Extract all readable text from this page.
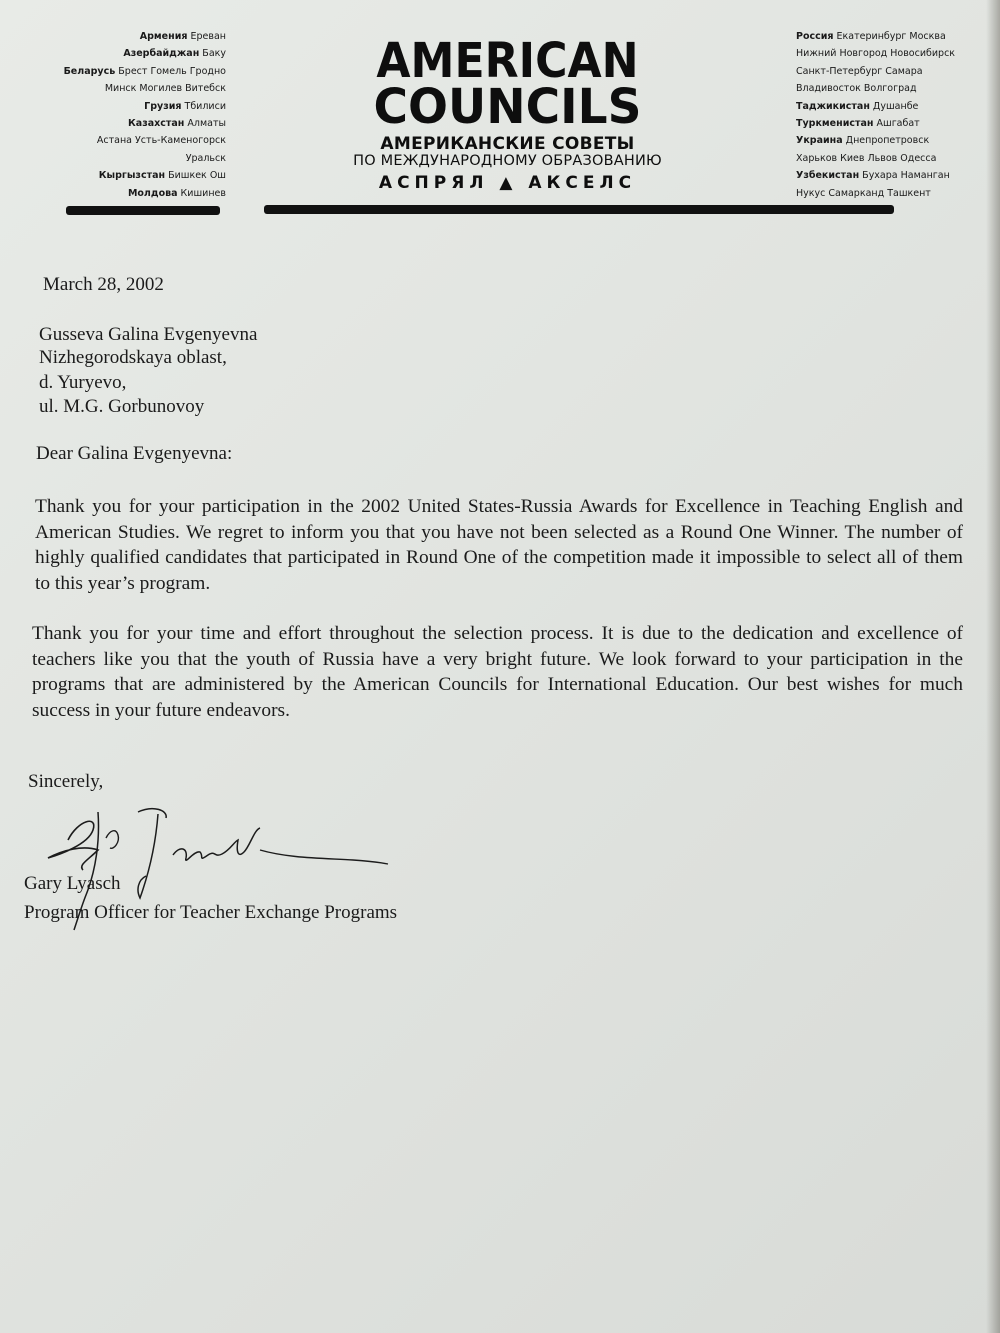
Армения Ереван
Азербайджан Баку
Беларусь Брест Гомель Гродно
Минск Могилев Витебск
Грузия Тбилиси
Казахстан Алматы
Астана Усть-Каменогорск
Уральск
Кыргызстан Бишкек Ош
Молдова Кишинев
AMERICAN
COUNCILS
АМЕРИКАНСКИЕ СОВЕТЫ
ПО МЕЖДУНАРОДНОМУ ОБРАЗОВАНИЮ
АСПРЯЛ ▲ АКСЕЛС
Россия Екатеринбург Москва
Нижний Новгород Новосибирск
Санкт-Петербург Самара
Владивосток Волгоград
Таджикистан Душанбе
Туркменистан Ашгабат
Украина Днепропетровск
Харьков Киев Львов Одесса
Узбекистан Бухара Наманган
Нукус Самарканд Ташкент
March 28, 2002
Gusseva Galina Evgenyevna
Nizhegorodskaya oblast,
d. Yuryevo,
ul. M.G. Gorbunovoy
Dear Galina Evgenyevna:
Thank you for your participation in the 2002 United States-Russia Awards for Excellence in Teaching English and American Studies. We regret to inform you that you have not been selected as a Round One Winner. The number of highly qualified candidates that participated in Round One of the competition made it impossible to select all of them to this year’s program.
Thank you for your time and effort throughout the selection process. It is due to the dedication and excellence of teachers like you that the youth of Russia have a very bright future. We look forward to your participation in the programs that are administered by the American Councils for International Education. Our best wishes for much success in your future endeavors.
Sincerely,
Gary Lyasch
Program Officer for Teacher Exchange Programs
